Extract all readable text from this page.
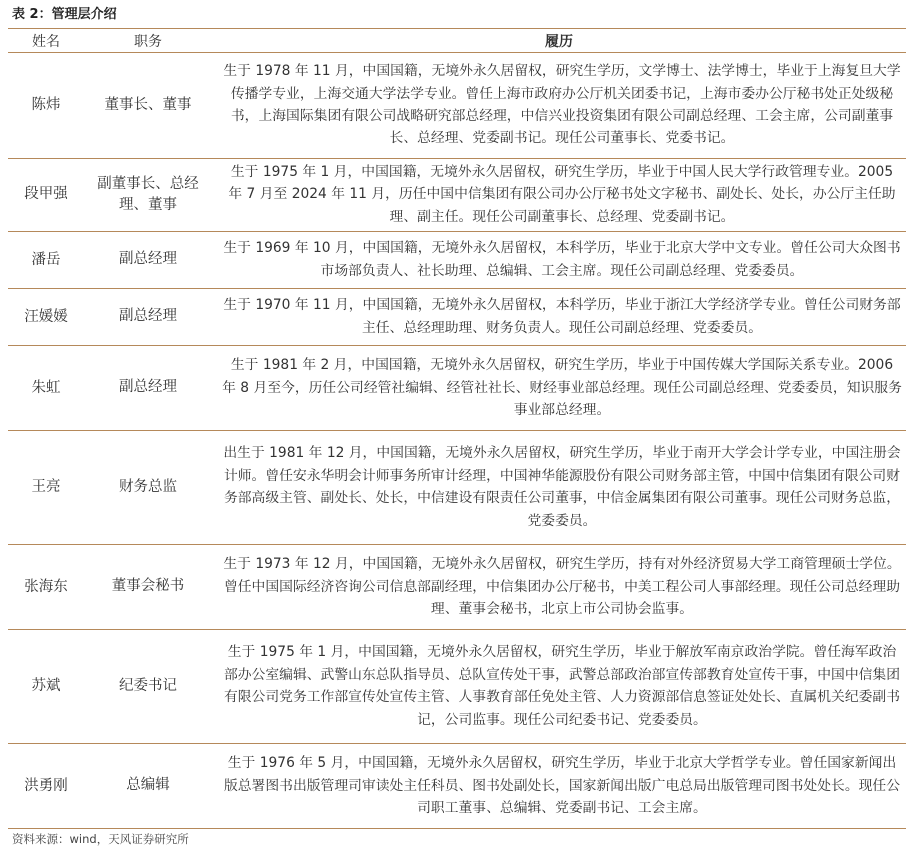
表 2：管理层介绍
姓名	职务	履历
陈炜	董事长、董事	生于 1978 年 11 月，中国国籍，无境外永久居留权，研究生学历，文学博士、法学博士，毕业于上海复旦大学传播学专业，上海交通大学法学专业。曾任上海市政府办公厅机关团委书记，上海市委办公厅秘书处正处级秘书，上海国际集团有限公司战略研究部总经理，中信兴业投资集团有限公司副总经理、工会主席，公司副董事长、总经理、党委副书记。现任公司董事长、党委书记。
段甲强	副董事长、总经理、董事	生于 1975 年 1 月，中国国籍，无境外永久居留权，研究生学历，毕业于中国人民大学行政管理专业。2005 年 7 月至 2024 年 11 月，历任中国中信集团有限公司办公厅秘书处文字秘书、副处长、处长，办公厅主任助理、副主任。现任公司副董事长、总经理、党委副书记。
潘岳	副总经理	生于 1969 年 10 月，中国国籍，无境外永久居留权，本科学历，毕业于北京大学中文专业。曾任公司大众图书市场部负责人、社长助理、总编辑、工会主席。现任公司副总经理、党委委员。
汪媛媛	副总经理	生于 1970 年 11 月，中国国籍，无境外永久居留权，本科学历，毕业于浙江大学经济学专业。曾任公司财务部主任、总经理助理、财务负责人。现任公司副总经理、党委委员。
朱虹	副总经理	生于 1981 年 2 月，中国国籍，无境外永久居留权，研究生学历，毕业于中国传媒大学国际关系专业。2006 年 8 月至今，历任公司经管社编辑、经管社社长、财经事业部总经理。现任公司副总经理、党委委员，知识服务事业部总经理。
王亮	财务总监	出生于 1981 年 12 月，中国国籍，无境外永久居留权，研究生学历，毕业于南开大学会计学专业，中国注册会计师。曾任安永华明会计师事务所审计经理，中国神华能源股份有限公司财务部主管，中国中信集团有限公司财务部高级主管、副处长、处长，中信建设有限责任公司董事，中信金属集团有限公司董事。现任公司财务总监，党委委员。
张海东	董事会秘书	生于 1973 年 12 月，中国国籍，无境外永久居留权，研究生学历，持有对外经济贸易大学工商管理硕士学位。曾任中国国际经济咨询公司信息部副经理，中信集团办公厅秘书，中美工程公司人事部经理。现任公司总经理助理、董事会秘书，北京上市公司协会监事。
苏斌	纪委书记	生于 1975 年 1 月，中国国籍，无境外永久居留权，研究生学历，毕业于解放军南京政治学院。曾任海军政治部办公室编辑、武警山东总队指导员、总队宣传处干事，武警总部政治部宣传部教育处宣传干事，中国中信集团有限公司党务工作部宣传处宣传主管、人事教育部任免处主管、人力资源部信息签证处处长、直属机关纪委副书记，公司监事。现任公司纪委书记、党委委员。
洪勇刚	总编辑	生于 1976 年 5 月，中国国籍，无境外永久居留权，研究生学历，毕业于北京大学哲学专业。曾任国家新闻出版总署图书出版管理司审读处主任科员、图书处副处长，国家新闻出版广电总局出版管理司图书处处长。现任公司职工董事、总编辑、党委副书记、工会主席。
资料来源：wind，天风证券研究所
